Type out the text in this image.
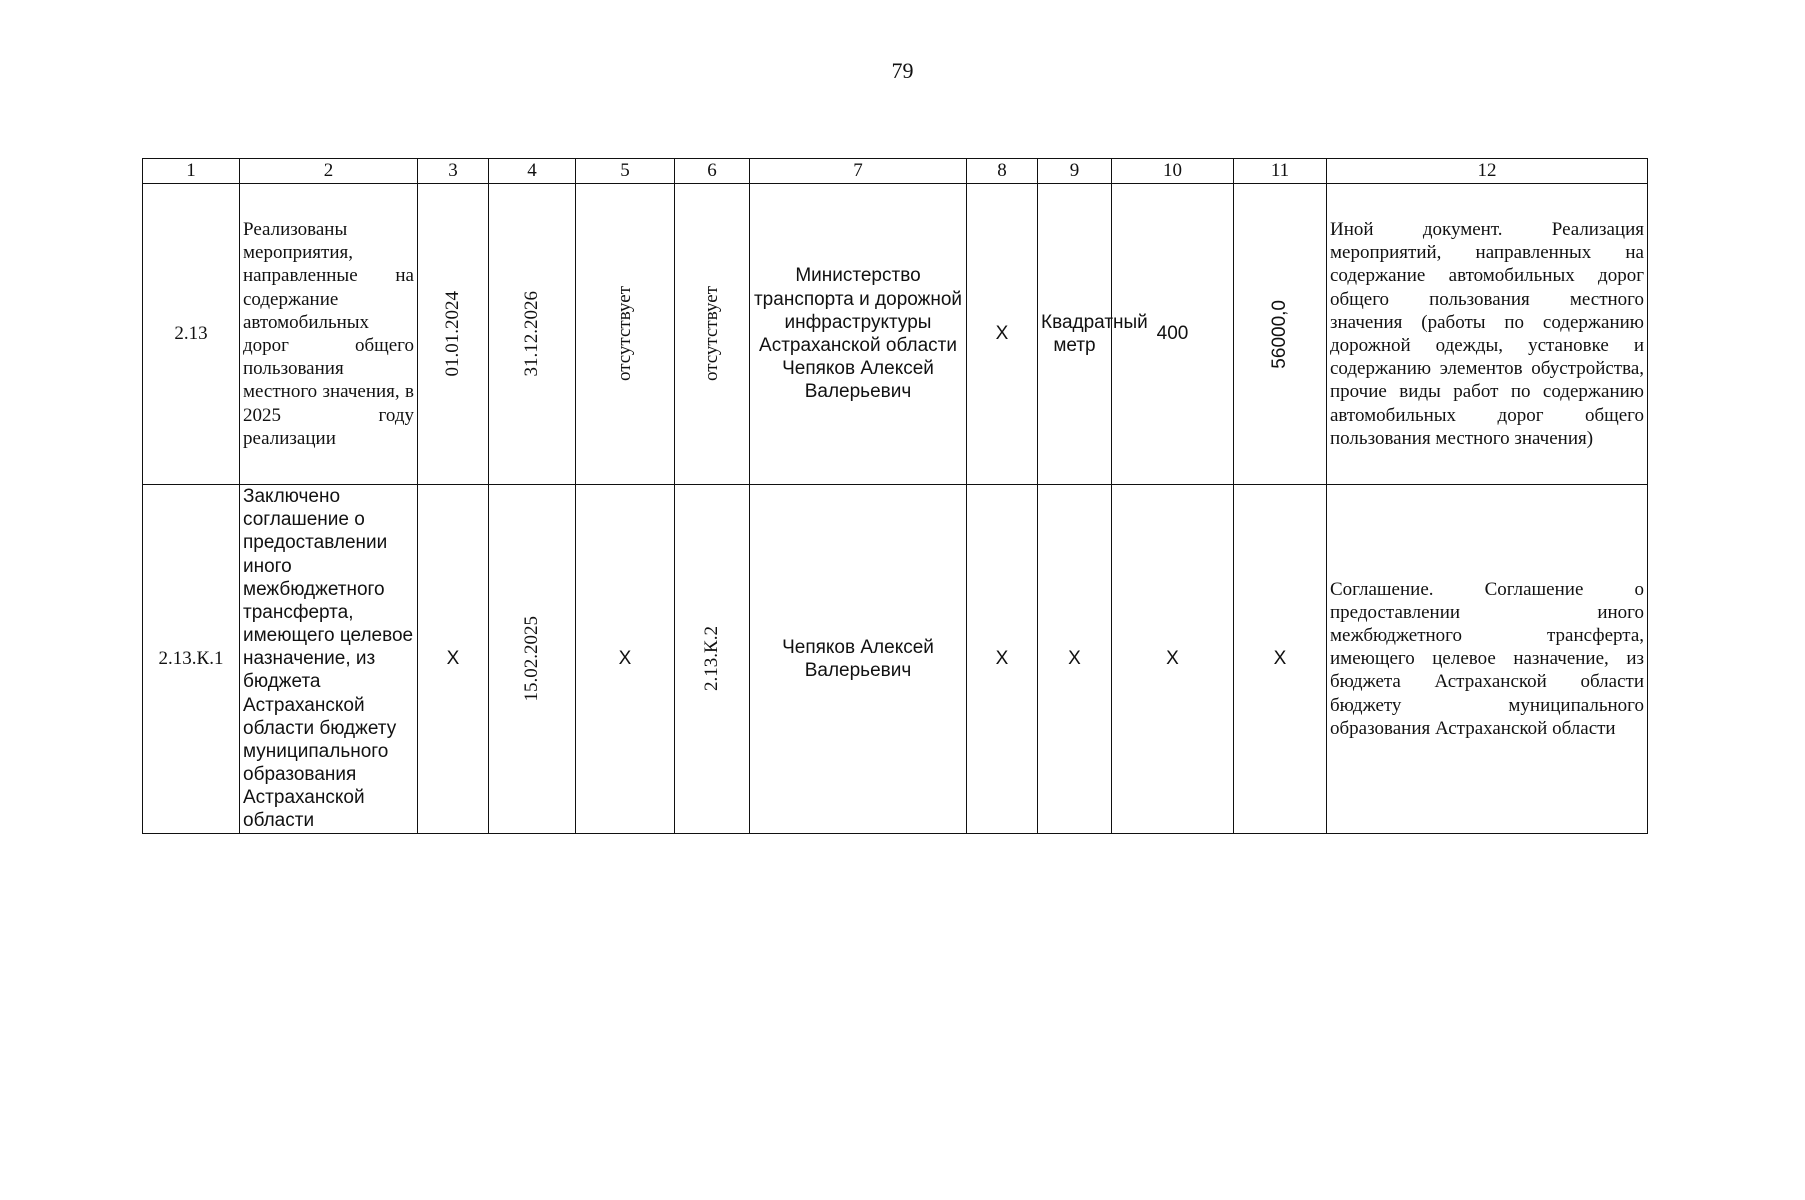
79
1	2	3	4	5	6	7	8	9	10	11	12
2.13	Реализованы мероприятия, направленные на содержание автомобильных дорог общего пользования местного значения, в 2025 году реализации	01.01.2024	31.12.2026	отсутствует	отсутствует	Министерство транспорта и дорожной инфраструктуры Астраханской области Чепяков Алексей Валерьевич	X	Квадратный метр	400	56000,0	Иной документ. Реализация мероприятий, направленных на содержание автомобильных дорог общего пользования местного значения (работы по содержанию дорожной одежды, установке и содержанию элементов обустройства, прочие виды работ по содержанию автомобильных дорог общего пользования местного значения)
2.13.К.1	Заключено соглашение о предоставлении иного межбюджетного трансферта, имеющего целевое назначение, из бюджета Астраханской области бюджету муниципального образования Астраханской области	X	15.02.2025	X	2.13.К.2	Чепяков Алексей Валерьевич	X	X	X	X	Соглашение. Соглашение о предоставлении иного межбюджетного трансферта, имеющего целевое назначение, из бюджета Астраханской области бюджету муниципального образования Астраханской области
